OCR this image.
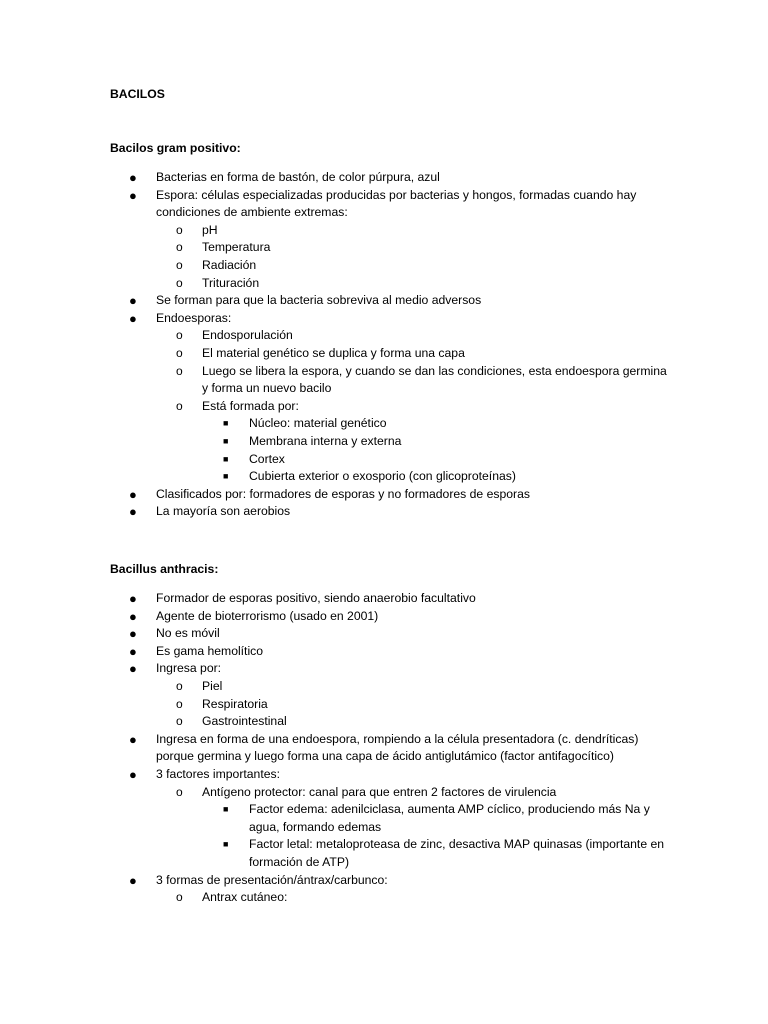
BACILOS

Bacilos gram positivo:

● Bacterias en forma de bastón, de color púrpura, azul
● Espora: células especializadas producidas por bacterias y hongos, formadas cuando hay condiciones de ambiente extremas:
o pH
o Temperatura
o Radiación
o Trituración
● Se forman para que la bacteria sobreviva al medio adversos
● Endoesporas:
o Endosporulación
o El material genético se duplica y forma una capa
o Luego se libera la espora, y cuando se dan las condiciones, esta endoespora germina y forma un nuevo bacilo
o Está formada por:
■ Núcleo: material genético
■ Membrana interna y externa
■ Cortex
■ Cubierta exterior o exosporio (con glicoproteínas)
● Clasificados por: formadores de esporas y no formadores de esporas
● La mayoría son aerobios

Bacillus anthracis:

● Formador de esporas positivo, siendo anaerobio facultativo
● Agente de bioterrorismo (usado en 2001)
● No es móvil
● Es gama hemolítico
● Ingresa por:
o Piel
o Respiratoria
o Gastrointestinal
● Ingresa en forma de una endoespora, rompiendo a la célula presentadora (c. dendríticas) porque germina y luego forma una capa de ácido antiglutámico (factor antifagocítico)
● 3 factores importantes:
o Antígeno protector: canal para que entren 2 factores de virulencia
■ Factor edema: adenilciclasa, aumenta AMP cíclico, produciendo más Na y agua, formando edemas
■ Factor letal: metaloproteasa de zinc, desactiva MAP quinasas (importante en formación de ATP)
● 3 formas de presentación/ántrax/carbunco:
o Antrax cutáneo:
